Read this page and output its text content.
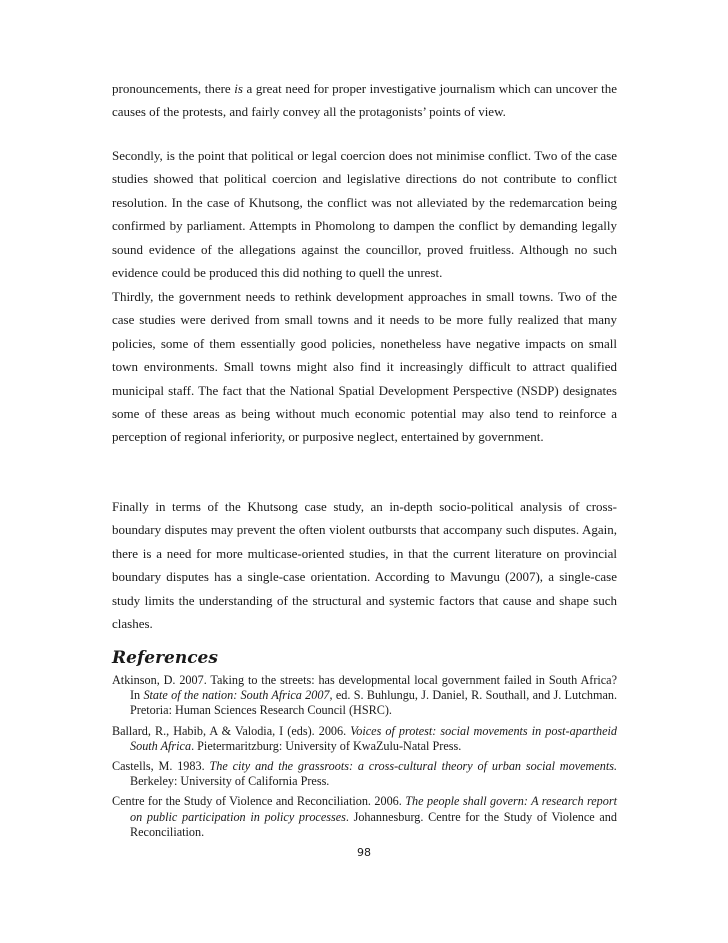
pronouncements, there is a great need for proper investigative journalism which can uncover the causes of the protests, and fairly convey all the protagonists’ points of view.

Secondly, is the point that political or legal coercion does not minimise conflict. Two of the case studies showed that political coercion and legislative directions do not contribute to conflict resolution. In the case of Khutsong, the conflict was not alleviated by the redemarcation being confirmed by parliament. Attempts in Phomolong to dampen the conflict by demanding legally sound evidence of the allegations against the councillor, proved fruitless. Although no such evidence could be produced this did nothing to quell the unrest.

Thirdly, the government needs to rethink development approaches in small towns. Two of the case studies were derived from small towns and it needs to be more fully realized that many policies, some of them essentially good policies, nonetheless have negative impacts on small town environments. Small towns might also find it increasingly difficult to attract qualified municipal staff. The fact that the National Spatial Development Perspective (NSDP) designates some of these areas as being without much economic potential may also tend to reinforce a perception of regional inferiority, or purposive neglect, entertained by government.

Finally in terms of the Khutsong case study, an in-depth socio-political analysis of cross-boundary disputes may prevent the often violent outbursts that accompany such disputes. Again, there is a need for more multicase-oriented studies, in that the current literature on provincial boundary disputes has a single-case orientation. According to Mavungu (2007), a single-case study limits the understanding of the structural and systemic factors that cause and shape such clashes.

References

Atkinson, D. 2007. Taking to the streets: has developmental local government failed in South Africa? In State of the nation: South Africa 2007, ed. S. Buhlungu, J. Daniel, R. Southall, and J. Lutchman. Pretoria: Human Sciences Research Council (HSRC).

Ballard, R., Habib, A & Valodia, I (eds). 2006. Voices of protest: social movements in post-apartheid South Africa. Pietermaritzburg: University of KwaZulu-Natal Press.

Castells, M. 1983. The city and the grassroots: a cross-cultural theory of urban social movements. Berkeley: University of California Press.

Centre for the Study of Violence and Reconciliation. 2006. The people shall govern: A research report on public participation in policy processes. Johannesburg. Centre for the Study of Violence and Reconciliation.

98
